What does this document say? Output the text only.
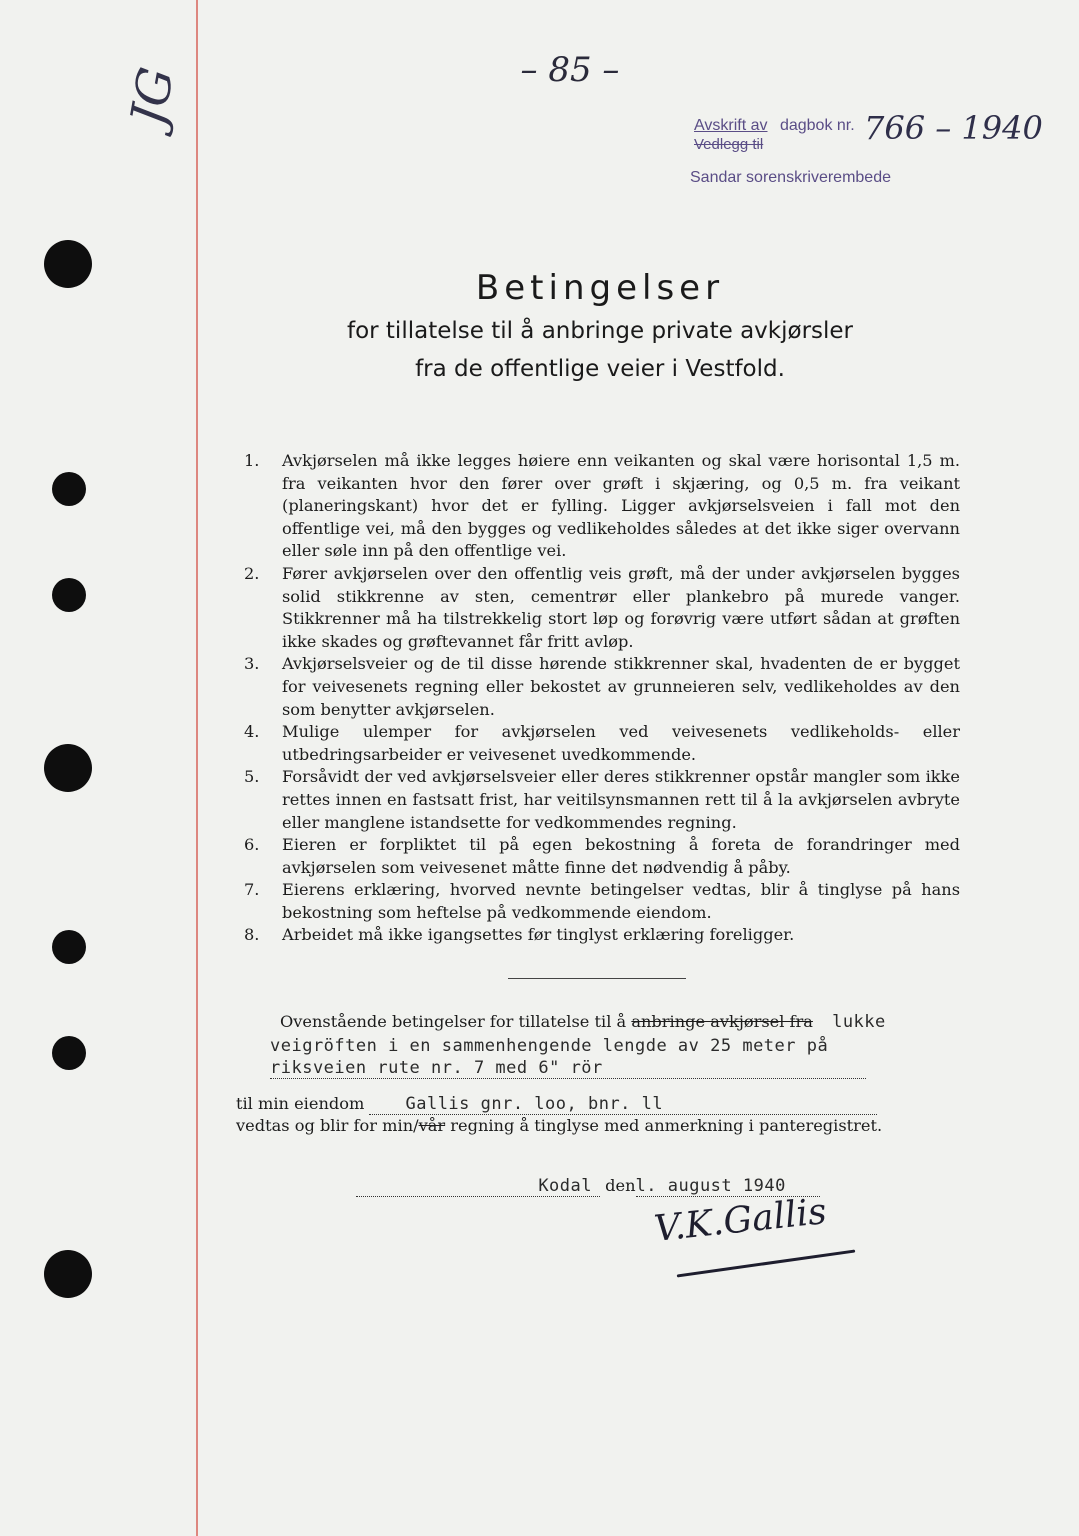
– 85 –
JG	Avskrift av dagbok nr.
Vedlegg til
Sandar sorenskriverembede
766 – 1940
Betingelser
for tillatelse til å anbringe private avkjørsler
fra de offentlige veier i Vestfold.
1. Avkjørselen må ikke legges høiere enn veikanten og skal være horisontal 1,5 m. fra veikanten hvor den fører over grøft i skjæring, og 0,5 m. fra veikant (planeringskant) hvor det er fylling. Ligger avkjørselsveien i fall mot den offentlige vei, må den bygges og vedlikeholdes således at det ikke siger overvann eller søle inn på den offentlige vei.
2. Fører avkjørselen over den offentlig veis grøft, må der under avkjørselen bygges solid stikkrenne av sten, cementrør eller plankebro på murede vanger. Stikkrenner må ha tilstrekkelig stort løp og forøvrig være utført sådan at grøften ikke skades og grøftevannet får fritt avløp.
3. Avkjørselsveier og de til disse hørende stikkrenner skal, hvadenten de er bygget for veivesenets regning eller bekostet av grunneieren selv, vedlikeholdes av den som benytter avkjørselen.
4. Mulige ulemper for avkjørselen ved veivesenets vedlikeholds- eller utbedringsarbeider er veivesenet uvedkommende.
5. Forsåvidt der ved avkjørselsveier eller deres stikkrenner opstår mangler som ikke rettes innen en fastsatt frist, har veitilsynsmannen rett til å la avkjørselen avbryte eller manglene istandsette for vedkommendes regning.
6. Eieren er forpliktet til på egen bekostning å foreta de forandringer med avkjørselen som veivesenet måtte finne det nødvendig å påby.
7. Eierens erklæring, hvorved nevnte betingelser vedtas, blir å tinglyse på hans bekostning som heftelse på vedkommende eiendom.
8. Arbeidet må ikke igangsettes før tinglyst erklæring foreligger.
Ovenstående betingelser for tillatelse til å anbringe avkjørsel fra lukke
veigröften i en sammenhengende lengde av 25 meter på
riksveien rute nr. 7 med 6" rör
til min eiendom Gallis gnr. loo, bnr. ll
vedtas og blir for min/vår regning å tinglyse med anmerkning i panteregistret.
Kodal denl. august 1940
V.K.Gallis
